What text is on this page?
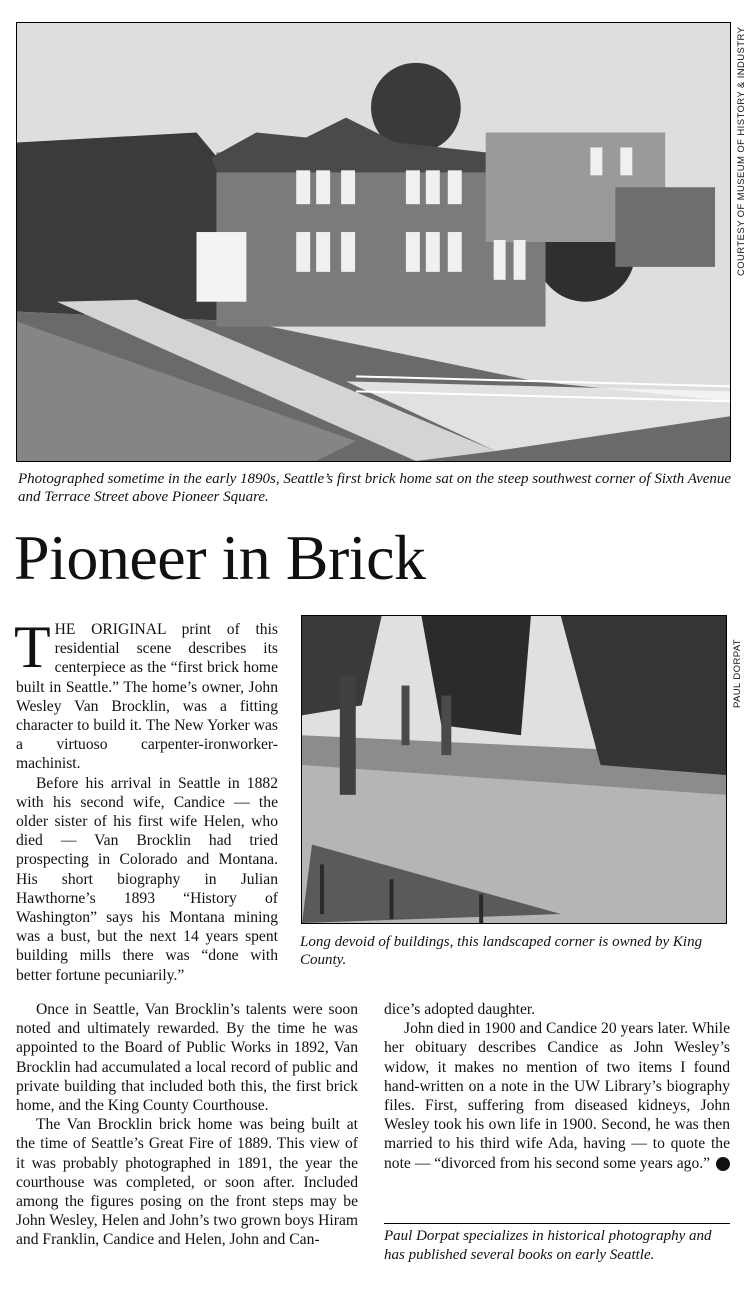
COURTESY OF MUSEUM OF HISTORY & INDUSTRY
Photographed sometime in the early 1890s, Seattle’s first brick home sat on the steep southwest corner of Sixth Avenue and Terrace Street above Pioneer Square.
Pioneer in Brick
PAUL DORPAT
Long devoid of buildings, this landscaped corner is owned by King County.

THE ORIGINAL print of this residential scene describes its centerpiece as the “first brick home built in Seattle.” The home’s owner, John Wesley Van Brocklin, was a fitting character to build it. The New Yorker was a virtuoso carpenter-ironworker-machinist.

Before his arrival in Seattle in 1882 with his second wife, Candice — the older sister of his first wife Helen, who died — Van Brocklin had tried prospecting in Colorado and Montana. His short biography in Julian Hawthorne’s 1893 “History of Washington” says his Montana mining was a bust, but the next 14 years spent building mills there was “done with better fortune pecuniarily.”

Once in Seattle, Van Brocklin’s talents were soon noted and ultimately rewarded. By the time he was appointed to the Board of Public Works in 1892, Van Brocklin had accumulated a local record of public and private building that included both this, the first brick home, and the King County Courthouse.

The Van Brocklin brick home was being built at the time of Seattle’s Great Fire of 1889. This view of it was probably photographed in 1891, the year the courthouse was completed, or soon after. Included among the figures posing on the front steps may be John Wesley, Helen and John’s two grown boys Hiram and Franklin, Candice and Helen, John and Can-

dice’s adopted daughter.

John died in 1900 and Candice 20 years later. While her obituary describes Candice as John Wesley’s widow, it makes no mention of two items I found hand-written on a note in the UW Library’s biography files. First, suffering from diseased kidneys, John Wesley took his own life in 1900. Second, he was then married to his third wife Ada, having — to quote the note — “divorced from his second some years ago.”	P

Paul Dorpat specializes in historical photography and has published several books on early Seattle.
